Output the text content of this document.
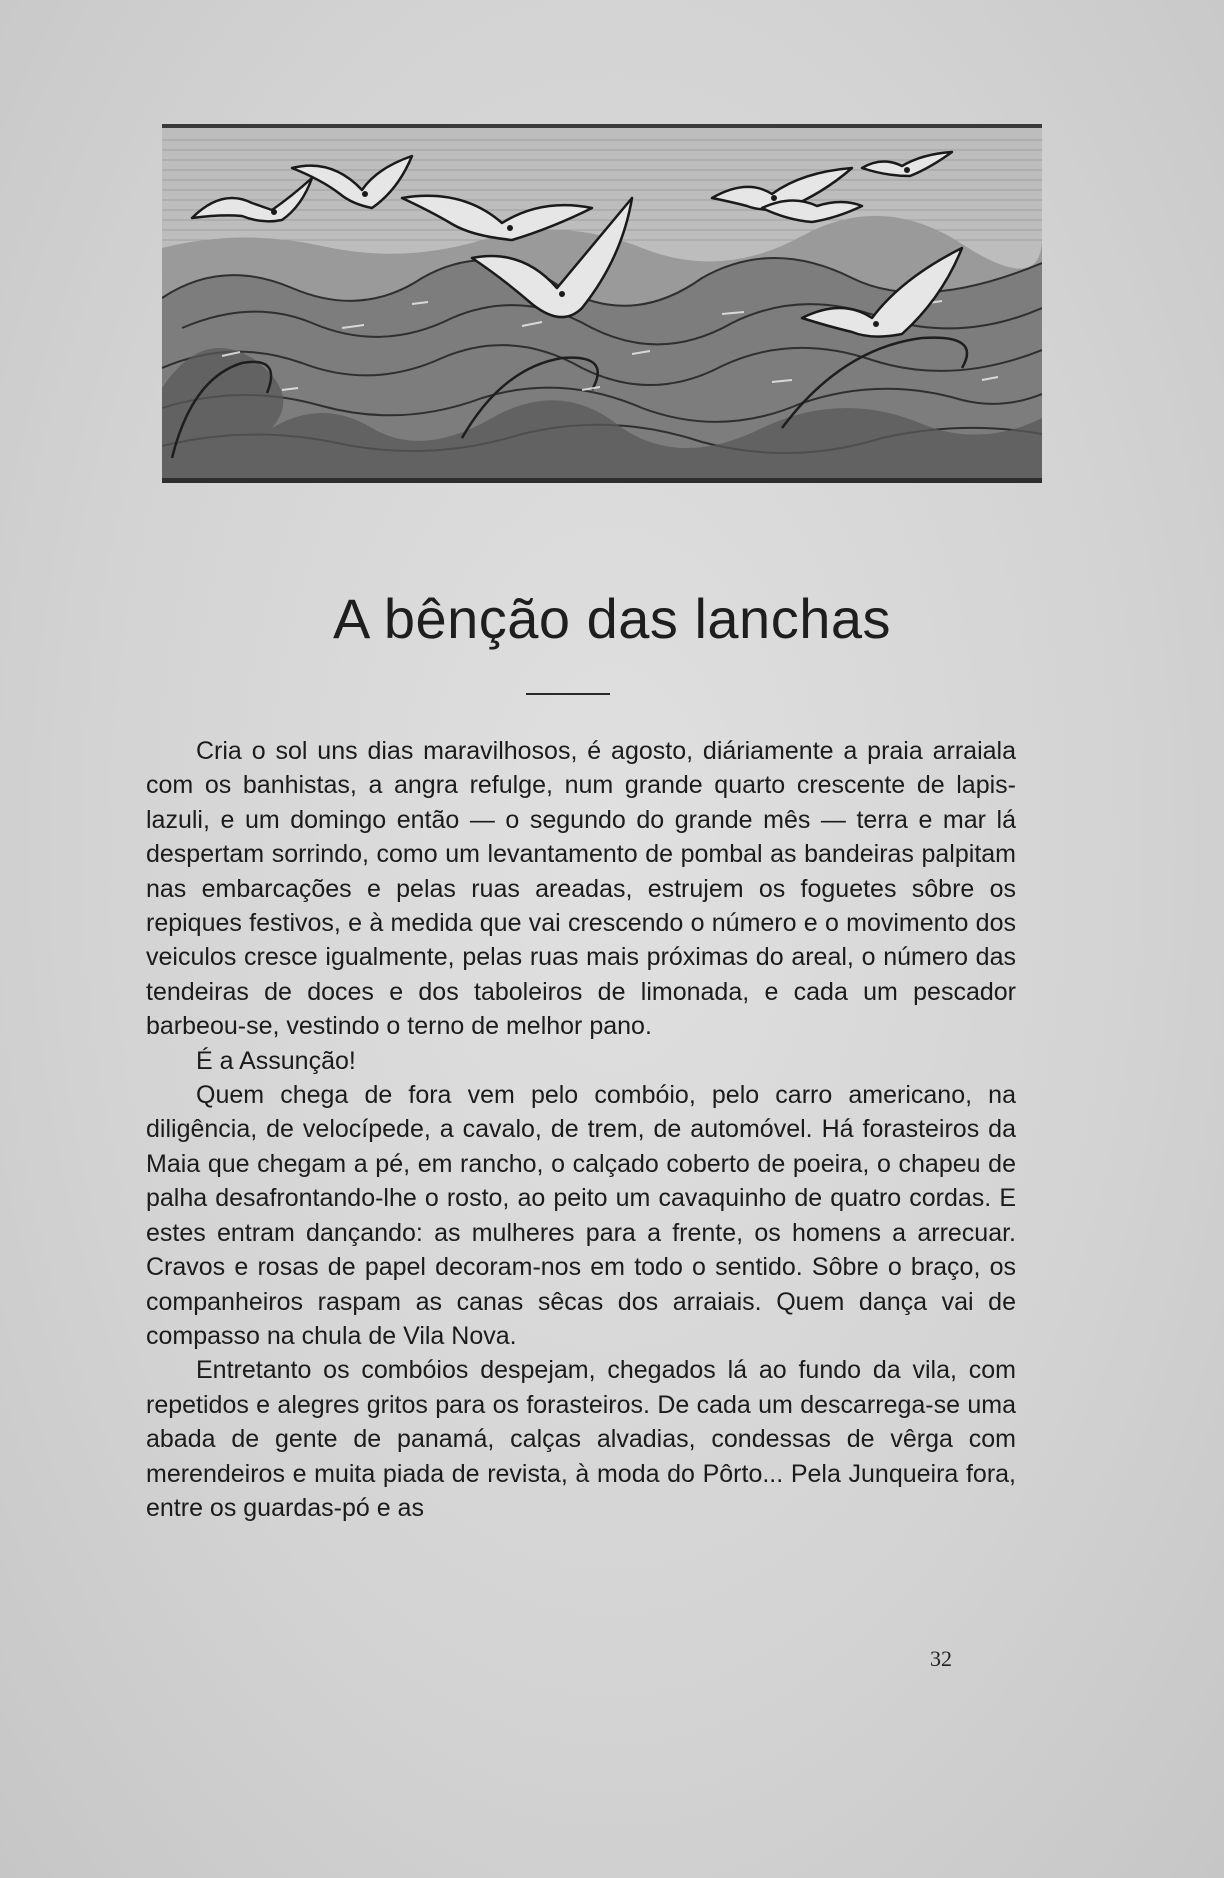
A bênção das lanchas

Cria o sol uns dias maravilhosos, é agosto, diáriamente a praia arraiala com os banhistas, a angra refulge, num grande quarto crescente de lapis-lazuli, e um domingo então — o segundo do grande mês — terra e mar lá despertam sorrindo, como um levantamento de pombal as bandeiras palpitam nas embarcações e pelas ruas areadas, estrujem os foguetes sôbre os repiques festivos, e à medida que vai crescendo o número e o movimento dos veiculos cresce igualmente, pelas ruas mais próximas do areal, o número das tendeiras de doces e dos taboleiros de limonada, e cada um pescador barbeou-se, vestindo o terno de melhor pano.

É a Assunção!

Quem chega de fora vem pelo combóio, pelo carro americano, na diligência, de velocípede, a cavalo, de trem, de automóvel. Há forasteiros da Maia que chegam a pé, em rancho, o calçado coberto de poeira, o chapeu de palha desafrontando-lhe o rosto, ao peito um cavaquinho de quatro cordas. E estes entram dançando: as mulheres para a frente, os homens a arrecuar. Cravos e rosas de papel decoram-nos em todo o sentido. Sôbre o braço, os companheiros raspam as canas sêcas dos arraiais. Quem dança vai de compasso na chula de Vila Nova.

Entretanto os combóios despejam, chegados lá ao fundo da vila, com repetidos e alegres gritos para os forasteiros. De cada um descarrega-se uma abada de gente de panamá, calças alvadias, condessas de vêrga com merendeiros e muita piada de revista, à moda do Pôrto... Pela Junqueira fora, entre os guardas-pó e as

32
